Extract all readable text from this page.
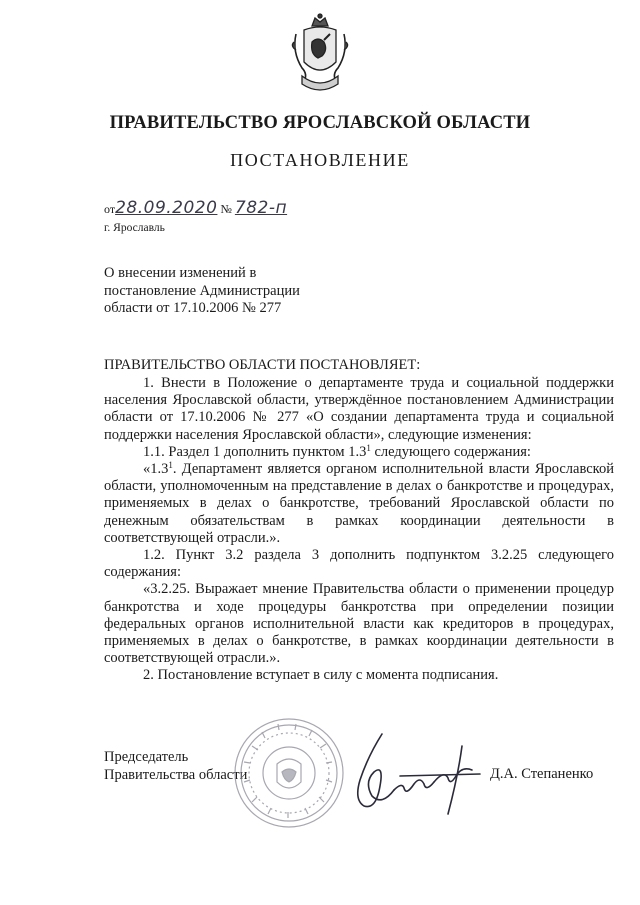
ПРАВИТЕЛЬСТВО ЯРОСЛАВСКОЙ ОБЛАСТИ
ПОСТАНОВЛЕНИЕ
от28.09.2020 № 782-п
г. Ярославль
О внесении изменений в
постановление Администрации
области от 17.10.2006 № 277
ПРАВИТЕЛЬСТВО ОБЛАСТИ ПОСТАНОВЛЯЕТ:

1. Внести в Положение о департаменте труда и социальной поддержки населения Ярославской области, утверждённое постановлением Администрации области от 17.10.2006 № 277 «О создании департамента труда и социальной поддержки населения Ярославской области», следующие изменения:

1.1. Раздел 1 дополнить пунктом $1.3^1$ следующего содержания:

«$1.3^1$. Департамент является органом исполнительной власти Ярославской области, уполномоченным на представление в делах о банкротстве и процедурах, применяемых в делах о банкротстве, требований Ярославской области по денежным обязательствам в рамках координации деятельности в соответствующей отрасли.».

1.2. Пункт 3.2 раздела 3 дополнить подпунктом 3.2.25 следующего содержания:

«3.2.25. Выражает мнение Правительства области о применении процедур банкротства и ходе процедуры банкротства при определении позиции федеральных органов исполнительной власти как кредиторов в процедурах, применяемых в делах о банкротстве, в рамках координации деятельности в соответствующей отрасли.».

2. Постановление вступает в силу с момента подписания.

Председатель
Правительства области	Д.А. Степаненко
